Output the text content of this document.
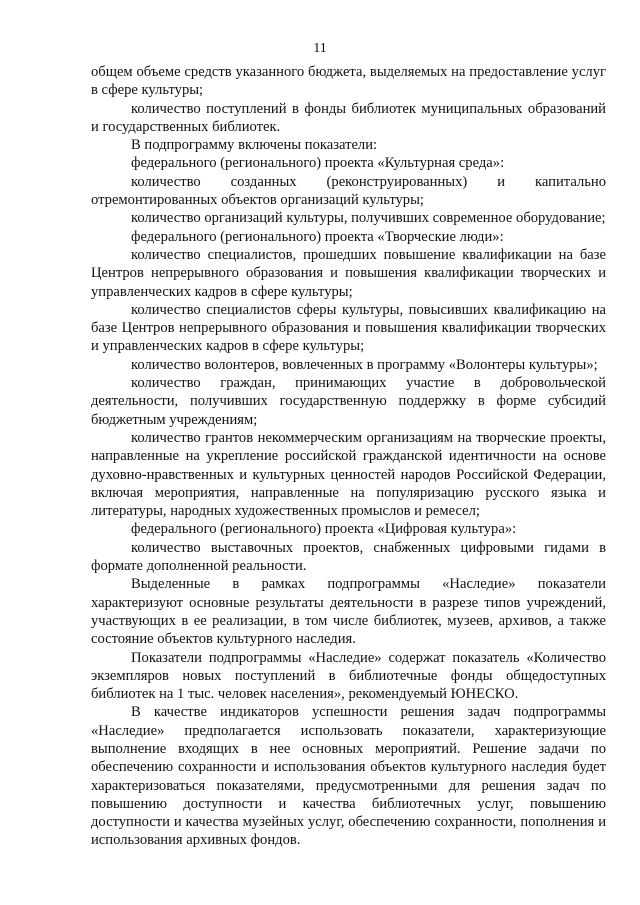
11

общем объеме средств указанного бюджета, выделяемых на предоставление услуг в сфере культуры;

количество поступлений в фонды библиотек муниципальных образований и государственных библиотек.

В подпрограмму включены показатели:

федерального (регионального) проекта «Культурная среда»:

количество созданных (реконструированных) и капитально отремонтированных объектов организаций культуры;

количество организаций культуры, получивших современное оборудование;

федерального (регионального) проекта «Творческие люди»:

количество специалистов, прошедших повышение квалификации на базе Центров непрерывного образования и повышения квалификации творческих и управленческих кадров в сфере культуры;

количество специалистов сферы культуры, повысивших квалификацию на базе Центров непрерывного образования и повышения квалификации творческих и управленческих кадров в сфере культуры;

количество волонтеров, вовлеченных в программу «Волонтеры культуры»;

количество граждан, принимающих участие в добровольческой деятельности, получивших государственную поддержку в форме субсидий бюджетным учреждениям;

количество грантов некоммерческим организациям на творческие проекты, направленные на укрепление российской гражданской идентичности на основе духовно-нравственных и культурных ценностей народов Российской Федерации, включая мероприятия, направленные на популяризацию русского языка и литературы, народных художественных промыслов и ремесел;

федерального (регионального) проекта «Цифровая культура»:

количество выставочных проектов, снабженных цифровыми гидами в формате дополненной реальности.

Выделенные в рамках подпрограммы «Наследие» показатели характеризуют основные результаты деятельности в разрезе типов учреждений, участвующих в ее реализации, в том числе библиотек, музеев, архивов, а также состояние объектов культурного наследия.

Показатели подпрограммы «Наследие» содержат показатель «Количество экземпляров новых поступлений в библиотечные фонды общедоступных библиотек на 1 тыс. человек населения», рекомендуемый ЮНЕСКО.

В качестве индикаторов успешности решения задач подпрограммы «Наследие» предполагается использовать показатели, характеризующие выполнение входящих в нее основных мероприятий. Решение задачи по обеспечению сохранности и использования объектов культурного наследия будет характеризоваться показателями, предусмотренными для решения задач по повышению доступности и качества библиотечных услуг, повышению доступности и качества музейных услуг, обеспечению сохранности, пополнения и использования архивных фондов.
